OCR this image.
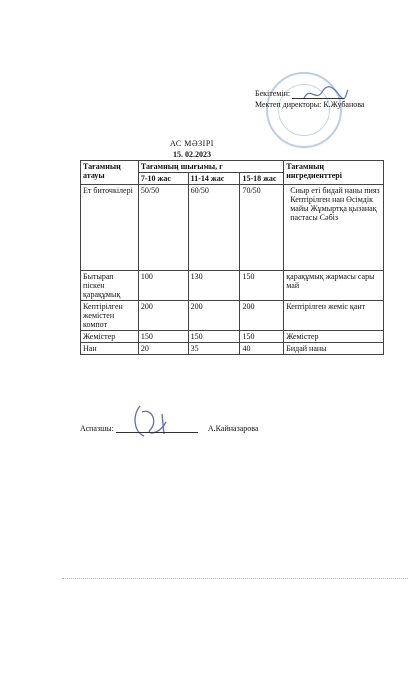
Бекітемін:
Мектеп директоры: К.Жубанова
АС МӘЗІРІ
15. 02.2023
Тағамның атауы	Тағамның шығымы, г			Тағамның ингредиенттері
	7-10 жас	11-14 жас	15-18 жас	
Ет биточкілері	50/50	60/50	70/50	Сиыр еті бидай наны пияз Кептірілген нан Өсімдік майы Жұмыртқа қызанақ пастасы Сәбіз
Бытырап піскен қарақұмық	100	130	150	қарақұмық жармасы сары май
Кептірілген жемістен компот	200	200	200	Кептірілген жеміс қант
Жемістер	150	150	150	Жемістер
Нан	20	35	40	Бидай наны
Аспазшы:	А.Кайназарова
